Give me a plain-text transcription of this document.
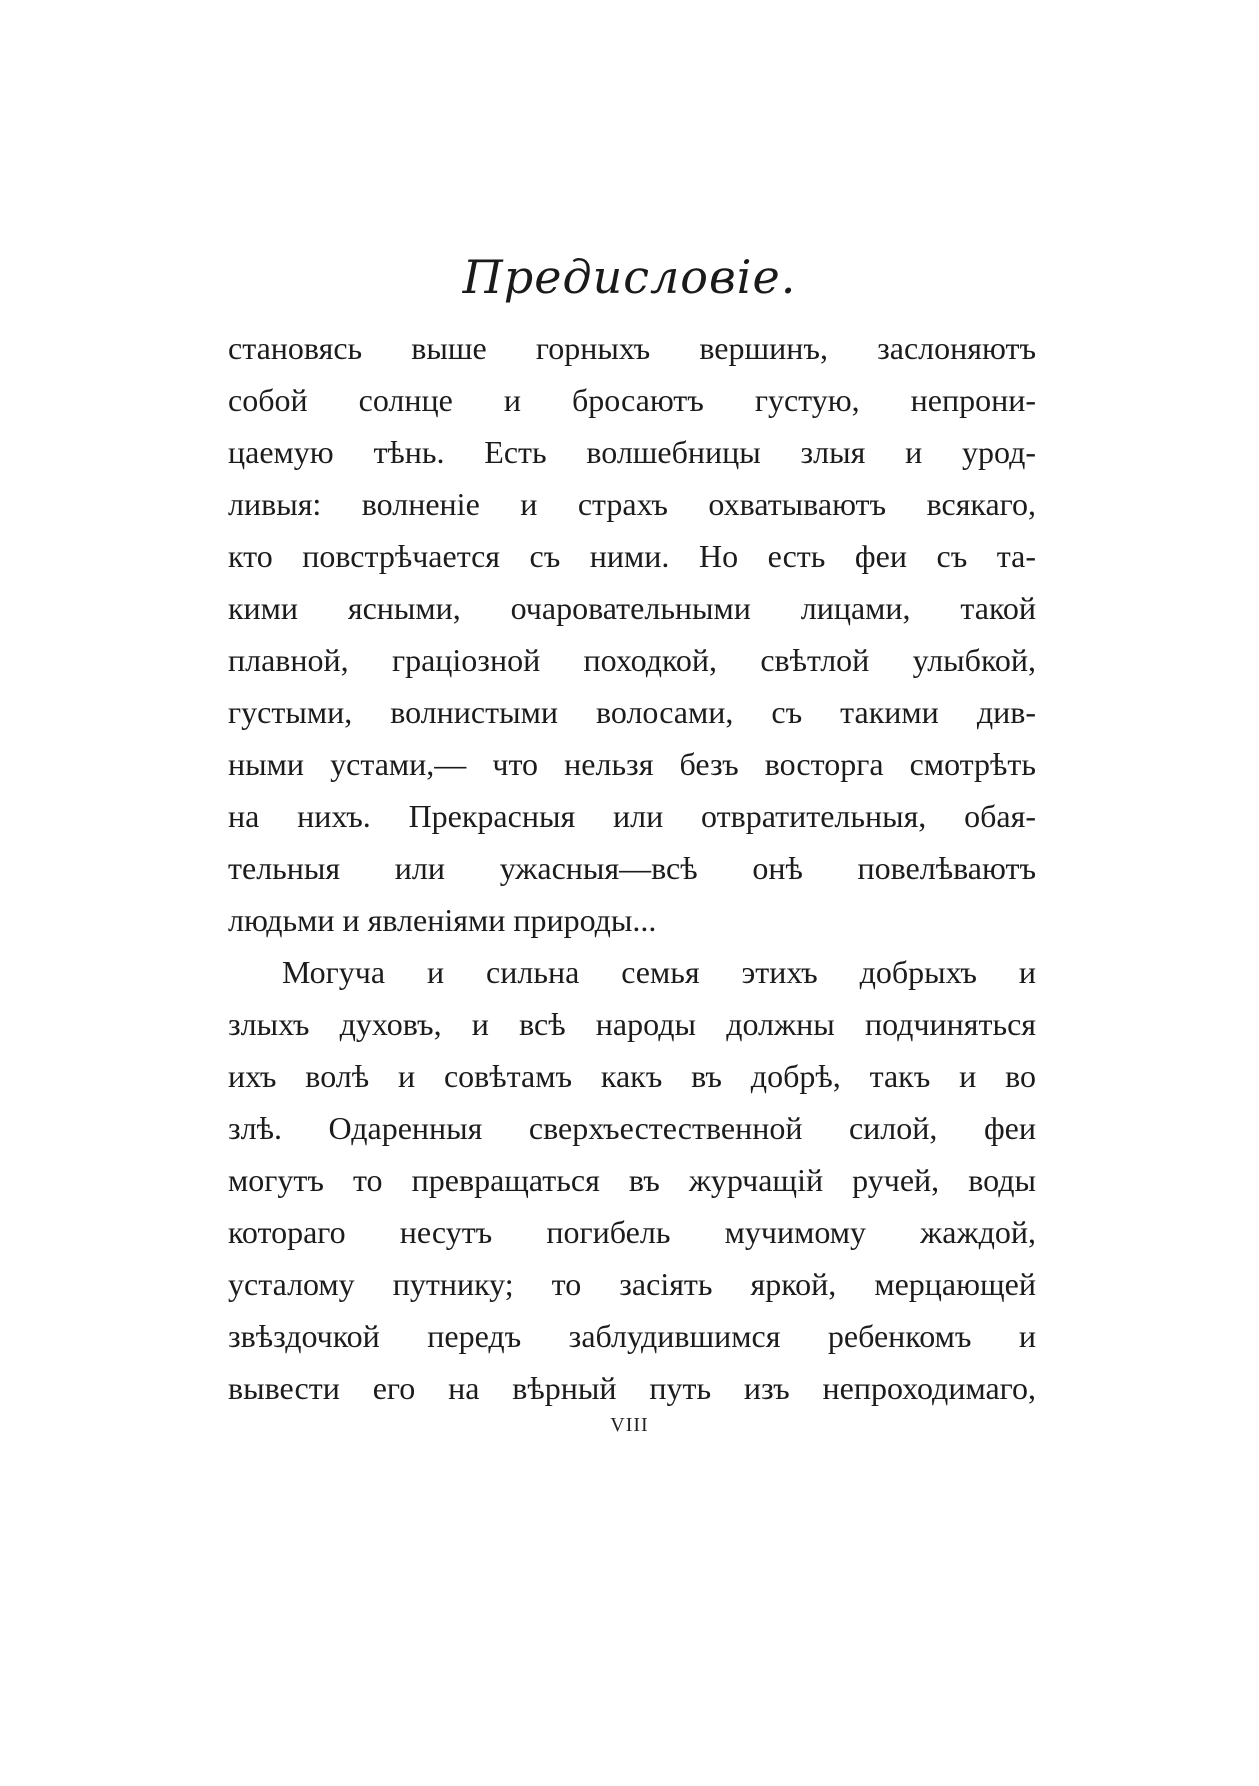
Предисловіе.
становясь выше горныхъ вершинъ, заслоняютъ
собой солнце и бросаютъ густую, непрони-
цаемую тѣнь. Есть волшебницы злыя и урод-
ливыя: волненіе и страхъ охватываютъ всякаго,
кто повстрѣчается съ ними. Но есть феи съ та-
кими ясными, очаровательными лицами, такой
плавной, граціозной походкой, свѣтлой улыбкой,
густыми, волнистыми волосами, съ такими див-
ными устами,— что нельзя безъ восторга смотрѣть
на нихъ. Прекрасныя или отвратительныя, обая-
тельныя или ужасныя—всѣ онѣ повелѣваютъ
людьми и явленіями природы...
Могуча и сильна семья этихъ добрыхъ и
злыхъ духовъ, и всѣ народы должны подчиняться
ихъ волѣ и совѣтамъ какъ въ добрѣ, такъ и во
злѣ. Одаренныя сверхъестественной силой, феи
могутъ то превращаться въ журчащій ручей, воды
котораго несутъ погибель мучимому жаждой,
усталому путнику; то засіять яркой, мерцающей
звѣздочкой передъ заблудившимся ребенкомъ и
вывести его на вѣрный путь изъ непроходимаго,
VIII
